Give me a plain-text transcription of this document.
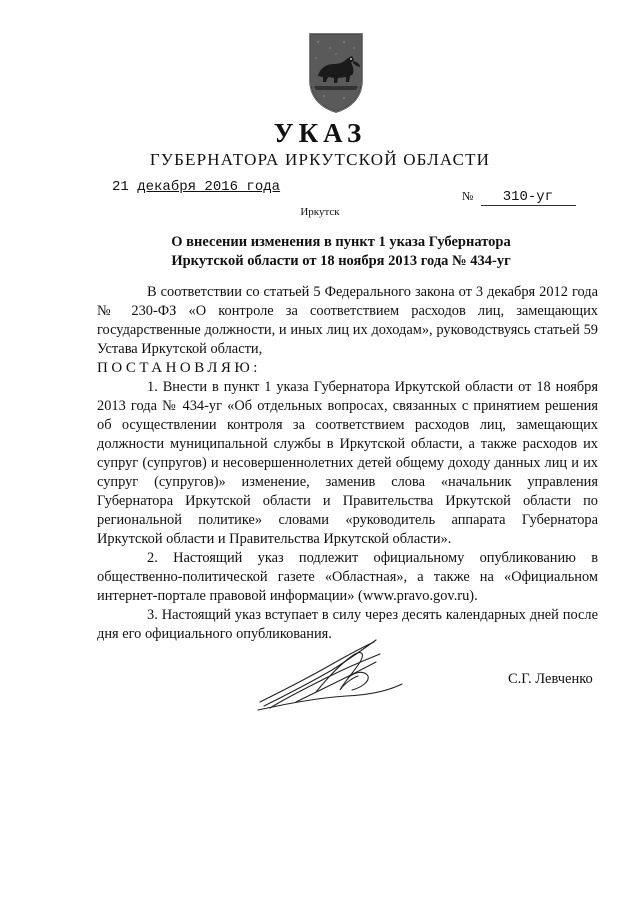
УКАЗ
ГУБЕРНАТОРА ИРКУТСКОЙ ОБЛАСТИ
21 декабря 2016 года
№ 310-уг
Иркутск
О внесении изменения в пункт 1 указа Губернатора Иркутской области от 18 ноября 2013 года № 434-уг

В соответствии со статьей 5 Федерального закона от 3 декабря 2012 года № 230-ФЗ «О контроле за соответствием расходов лиц, замещающих государственные должности, и иных лиц их доходам», руководствуясь статьей 59 Устава Иркутской области,

ПОСТАНОВЛЯЮ:

1. Внести в пункт 1 указа Губернатора Иркутской области от 18 ноября 2013 года № 434-уг «Об отдельных вопросах, связанных с принятием решения об осуществлении контроля за соответствием расходов лиц, замещающих должности муниципальной службы в Иркутской области, а также расходов их супруг (супругов) и несовершеннолетних детей общему доходу данных лиц и их супруг (супругов)» изменение, заменив слова «начальник управления Губернатора Иркутской области и Правительства Иркутской области по региональной политике» словами «руководитель аппарата Губернатора Иркутской области и Правительства Иркутской области».

2. Настоящий указ подлежит официальному опубликованию в общественно-политической газете «Областная», а также на «Официальном интернет-портале правовой информации» (www.pravo.gov.ru).

3. Настоящий указ вступает в силу через десять календарных дней после дня его официального опубликования.

С.Г. Левченко
